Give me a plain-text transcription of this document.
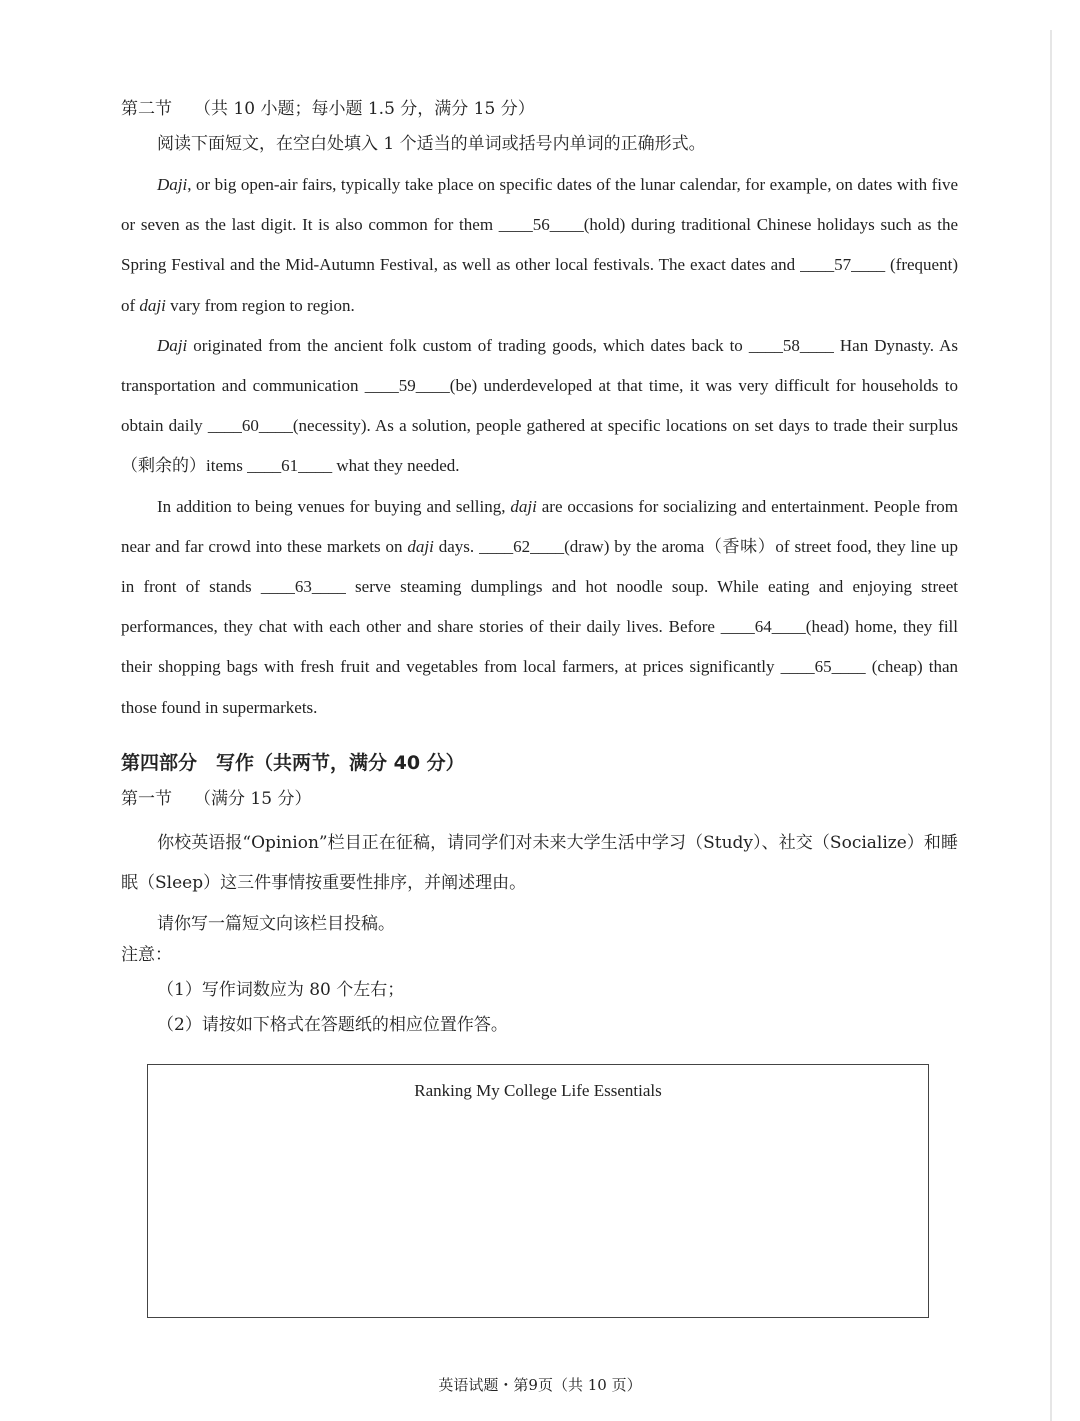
第二节 （共 10 小题；每小题 1.5 分，满分 15 分）
阅读下面短文，在空白处填入 1 个适当的单词或括号内单词的正确形式。

Daji, or big open-air fairs, typically take place on specific dates of the lunar calendar, for example, on dates with five or seven as the last digit. It is also common for them ____56____(hold) during traditional Chinese holidays such as the Spring Festival and the Mid-Autumn Festival, as well as other local festivals. The exact dates and ____57____ (frequent) of daji vary from region to region.

Daji originated from the ancient folk custom of trading goods, which dates back to ____58____ Han Dynasty. As transportation and communication ____59____(be) underdeveloped at that time, it was very difficult for households to obtain daily ____60____(necessity). As a solution, people gathered at specific locations on set days to trade their surplus（剩余的）items ____61____ what they needed.

In addition to being venues for buying and selling, daji are occasions for socializing and entertainment. People from near and far crowd into these markets on daji days. ____62____(draw) by the aroma（香味）of street food, they line up in front of stands ____63____ serve steaming dumplings and hot noodle soup. While eating and enjoying street performances, they chat with each other and share stories of their daily lives. Before ____64____(head) home, they fill their shopping bags with fresh fruit and vegetables from local farmers, at prices significantly ____65____ (cheap) than those found in supermarkets.

第四部分　写作（共两节，满分 40 分）
第一节 （满分 15 分）

你校英语报“Opinion”栏目正在征稿，请同学们对未来大学生活中学习（Study）、社交（Socialize）和睡眠（Sleep）这三件事情按重要性排序，并阐述理由。

请你写一篇短文向该栏目投稿。
注意：
（1）写作词数应为 80 个左右；
（2）请按如下格式在答题纸的相应位置作答。
Ranking My College Life Essentials
英语试题・第9页（共 10 页）
